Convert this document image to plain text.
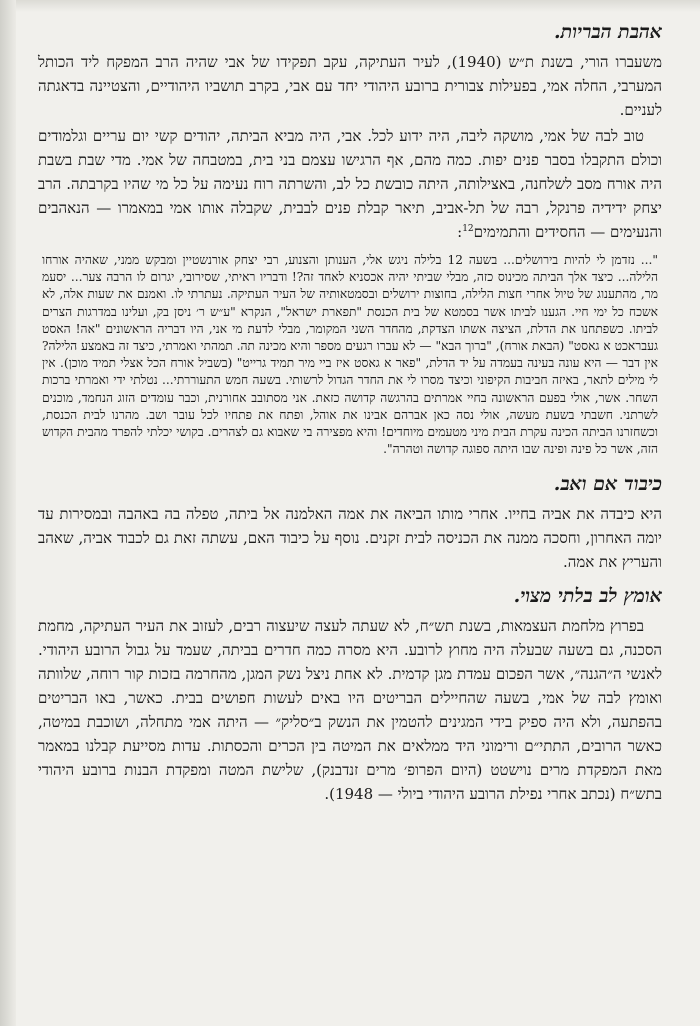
אהבת הבריות.

משעברו הורי, בשנת ת״ש (1940), לעיר העתיקה, עקב תפקידו של אבי שהיה הרב המפקח ליד הכותל המערבי, החלה אמי, בפעילות צבורית ברובע היהודי יחד עם אבי, בקרב תושביו היהודיים, והצטיינה בדאגתה לעניים.

טוב לבה של אמי, מושקה ליבה, היה ידוע לכל. אבי, היה מביא הביתה, יהודים קשי יום עריים וגלמודים וכולם התקבלו בסבר פנים יפות. כמה מהם, אף הרגישו עצמם בני בית, במטבחה של אמי. מדי שבת בשבת היה אורח מסב לשלחנה, באצילותה, היתה כובשת כל לב, והשרתה רוח נעימה על כל מי שהיו בקרבתה. הרב יצחק ידידיה פרנקל, רבה של תל-אביב, תיאר קבלת פנים לבבית, שקבלה אותו אמי במאמרו — הנאהבים והנעימים — החסידים והתמימים$^{12}$:

"... נזדמן לי להיות בירושלים... בשעה 12 בלילה ניגש אלי, הענותן והצנוע, רבי יצחק אורנשטיין ומבקש ממני, שאהיה אורחו הלילה... כיצד אלך הביתה מכינוס כזה, מבלי שביתי יהיה אכסניא לאחד זה?! ודבריו ראיתי, שסירובי, יגרום לו הרבה צער... יסעמ מר, מהתענוג של טיול אחרי חצות הלילה, בחוצות ירושלים ובסמטאותיה של העיר העתיקה. נעתרתי לו. ואמנם את שעות אלה, לא אשכח כל ימי חיי. הגענו לביתו אשר בסמטא של בית הכנסת "תפארת ישראל", הנקרא "ע״ש ר׳ ניסן בק, ועלינו במדרגות הצרים לביתו. כשפתחנו את הדלת, הציצה אשתו הצדקת, מהחדר השני המקומר, מבלי לדעת מי אני, היו דבריה הראשונים "אה! האסט געבראכט א גאסט" (הבאת אורח), "ברוך הבא" — לא עברו רגעים מספר והיא מכינה תה. תמהתי ואמרתי, כיצד זה באמצע הלילה? אין דבר — היא עונה בעינה בעמדה על יד הדלת, "פאר א גאסט איז ביי מיר תמיד גרייט" (בשביל אורח הכל אצלי תמיד מוכן). אין לי מילים לתאר, באיזה חביבות הקיפוני וכיצד מסרו לי את החדר הגדול לרשותי. בשעה חמש התעוררתי... נטלתי ידי ואמרתי ברכות השחר. אשר, אולי בפעם הראשונה בחיי אמרתים בהרגשה קדושה כזאת. אני מסתובב אחורנית, וכבר עומדים הזוג הנחמד, מוכנים לשרתני. חשבתי בשעת מעשה, אולי נסה כאן אברהם אבינו את אוהל, ופתח את פתחיו לכל עובר ושב. מהרנו לבית הכנסת, וכשחזרנו הביתה הכינה עקרת הבית מיני מטעמים מיוחדים! והיא מפצירה בי שאבוא גם לצהרים. בקושי יכלתי להפרד מהבית הקדוש הזה, אשר כל פינה ופינה שבו היתה ספוגה קדושה וטהרה".
כיבוד אם ואב.

היא כיבדה את אביה בחייו. אחרי מותו הביאה את אמה האלמנה אל ביתה, טפלה בה באהבה ובמסירות עד יומה האחרון, וחסכה ממנה את הכניסה לבית זקנים. נוסף על כיבוד האם, עשתה זאת גם לכבוד אביה, שאהב והעריץ את אמה.

אומץ לב בלתי מצוי.

בפרוץ מלחמת העצמאות, בשנת תש״ח, לא שעתה לעצה שיעצוה רבים, לעזוב את העיר העתיקה, מחמת הסכנה, גם בשעה שבעלה היה מחוץ לרובע. היא מסרה כמה חדרים בביתה, שעמד על גבול הרובע היהודי. לאנשי ה״הגנה״, אשר הפכום עמדת מגן קדמית. לא אחת ניצל נשק המגן, מהחרמה בזכות קור רוחה, שלוותה ואומץ לבה של אמי, בשעה שהחיילים הבריטים היו באים לעשות חפושים בבית. כאשר, באו הבריטים בהפתעה, ולא היה ספיק בידי המגינים להטמין את הנשק ב״סליק״ — היתה אמי מתחלה, ושוכבת במיטה, כאשר הרובים, התתי״ם ורימוני היד ממלאים את המיטה בין הכרים והכסתות. עדות מסייעת קבלנו במאמר מאת המפקדת מרים נוישטט (היום הפרופ׳ מרים זנדבנק), שלישת המטה ומפקדת הבנות ברובע היהודי בתש״ח (נכתב אחרי נפילת הרובע היהודי ביולי — 1948).
